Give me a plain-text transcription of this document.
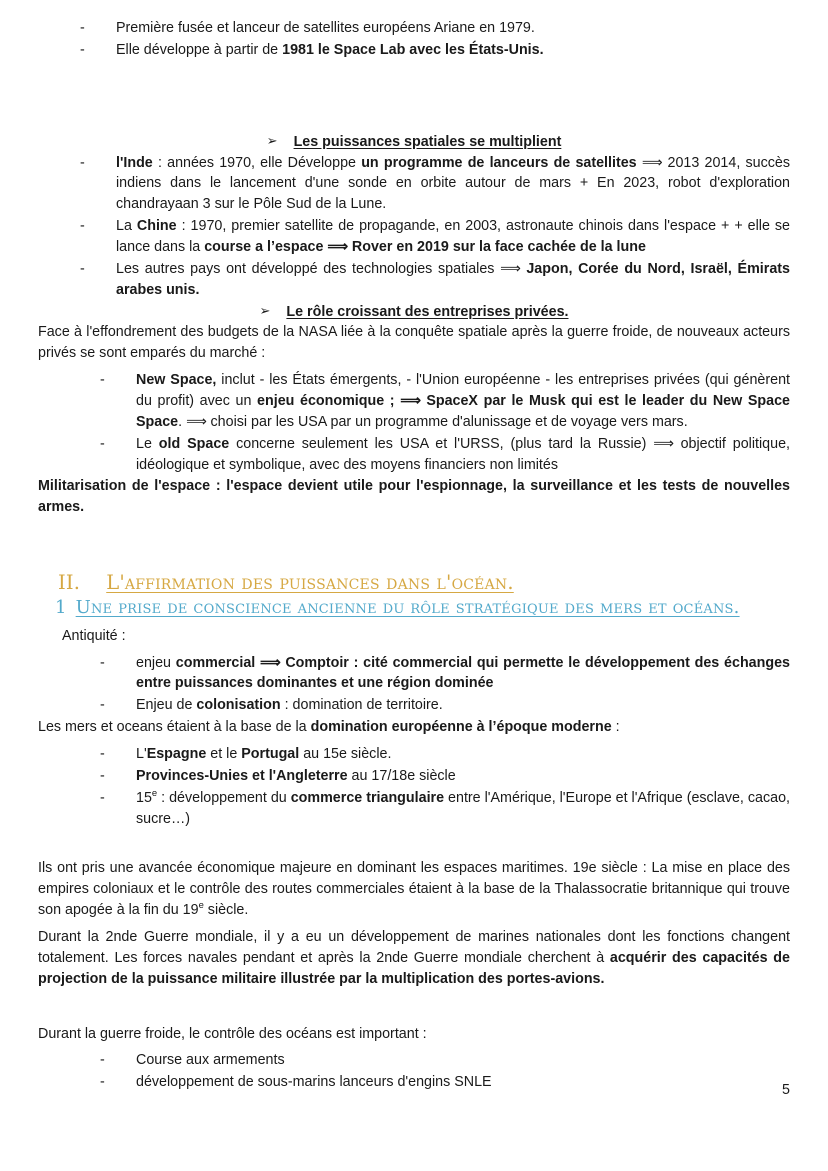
-	Première fusée et lanceur de satellites européens Ariane en 1979.
-	Elle développe à partir de 1981 le Space Lab avec les États-Unis.

➢ Les puissances spatiales se multiplient

-	l'Inde : années 1970, elle Développe un programme de lanceurs de satellites ⟹ 2013 2014, succès indiens dans le lancement d'une sonde en orbite autour de mars + En 2023, robot d'exploration chandrayaan 3 sur le Pôle Sud de la Lune.
-	La Chine : 1970, premier satellite de propagande, en 2003, astronaute chinois dans l'espace + + elle se lance dans la course a l’espace ⟹ Rover en 2019 sur la face cachée de la lune
-	Les autres pays ont développé des technologies spatiales ⟹ Japon, Corée du Nord, Israël, Émirats arabes unis.

➢ Le rôle croissant des entreprises privées.

Face à l'effondrement des budgets de la NASA liée à la conquête spatiale après la guerre froide, de nouveaux acteurs privés se sont emparés du marché :

-	New Space, inclut - les États émergents, - l'Union européenne - les entreprises privées (qui génèrent du profit) avec un enjeu économique ; ⟹ SpaceX par le Musk qui est le leader du New Space Space. ⟹ choisi par les USA par un programme d'alunissage et de voyage vers mars.
-	Le old Space concerne seulement les USA et l'URSS, (plus tard la Russie) ⟹ objectif politique, idéologique et symbolique, avec des moyens financiers non limités

Militarisation de l'espace : l'espace devient utile pour l'espionnage, la surveillance et les tests de nouvelles armes.

II. L'affirmation des puissances dans l'océan.

1 Une prise de conscience ancienne du rôle stratégique des mers et océans.

Antiquité :

-	enjeu commercial ⟹ Comptoir : cité commercial qui permette le développement des échanges entre puissances dominantes et une région dominée
-	Enjeu de colonisation : domination de territoire.

Les mers et oceans étaient à la base de la domination européenne à l’époque moderne :

-	L'Espagne et le Portugal au 15e siècle.
-	Provinces-Unies et l'Angleterre au 17/18e siècle
-	15e : développement du commerce triangulaire entre l'Amérique, l'Europe et l'Afrique (esclave, cacao, sucre…)

Ils ont pris une avancée économique majeure en dominant les espaces maritimes. 19e siècle : La mise en place des empires coloniaux et le contrôle des routes commerciales étaient à la base de la Thalassocratie britannique qui trouve son apogée à la fin du 19e siècle.

Durant la 2nde Guerre mondiale, il y a eu un développement de marines nationales dont les fonctions changent totalement. Les forces navales pendant et après la 2nde Guerre mondiale cherchent à acquérir des capacités de projection de la puissance militaire illustrée par la multiplication des portes-avions.

Durant la guerre froide, le contrôle des océans est important :

-	Course aux armements
-	développement de sous-marins lanceurs d'engins SNLE	5
